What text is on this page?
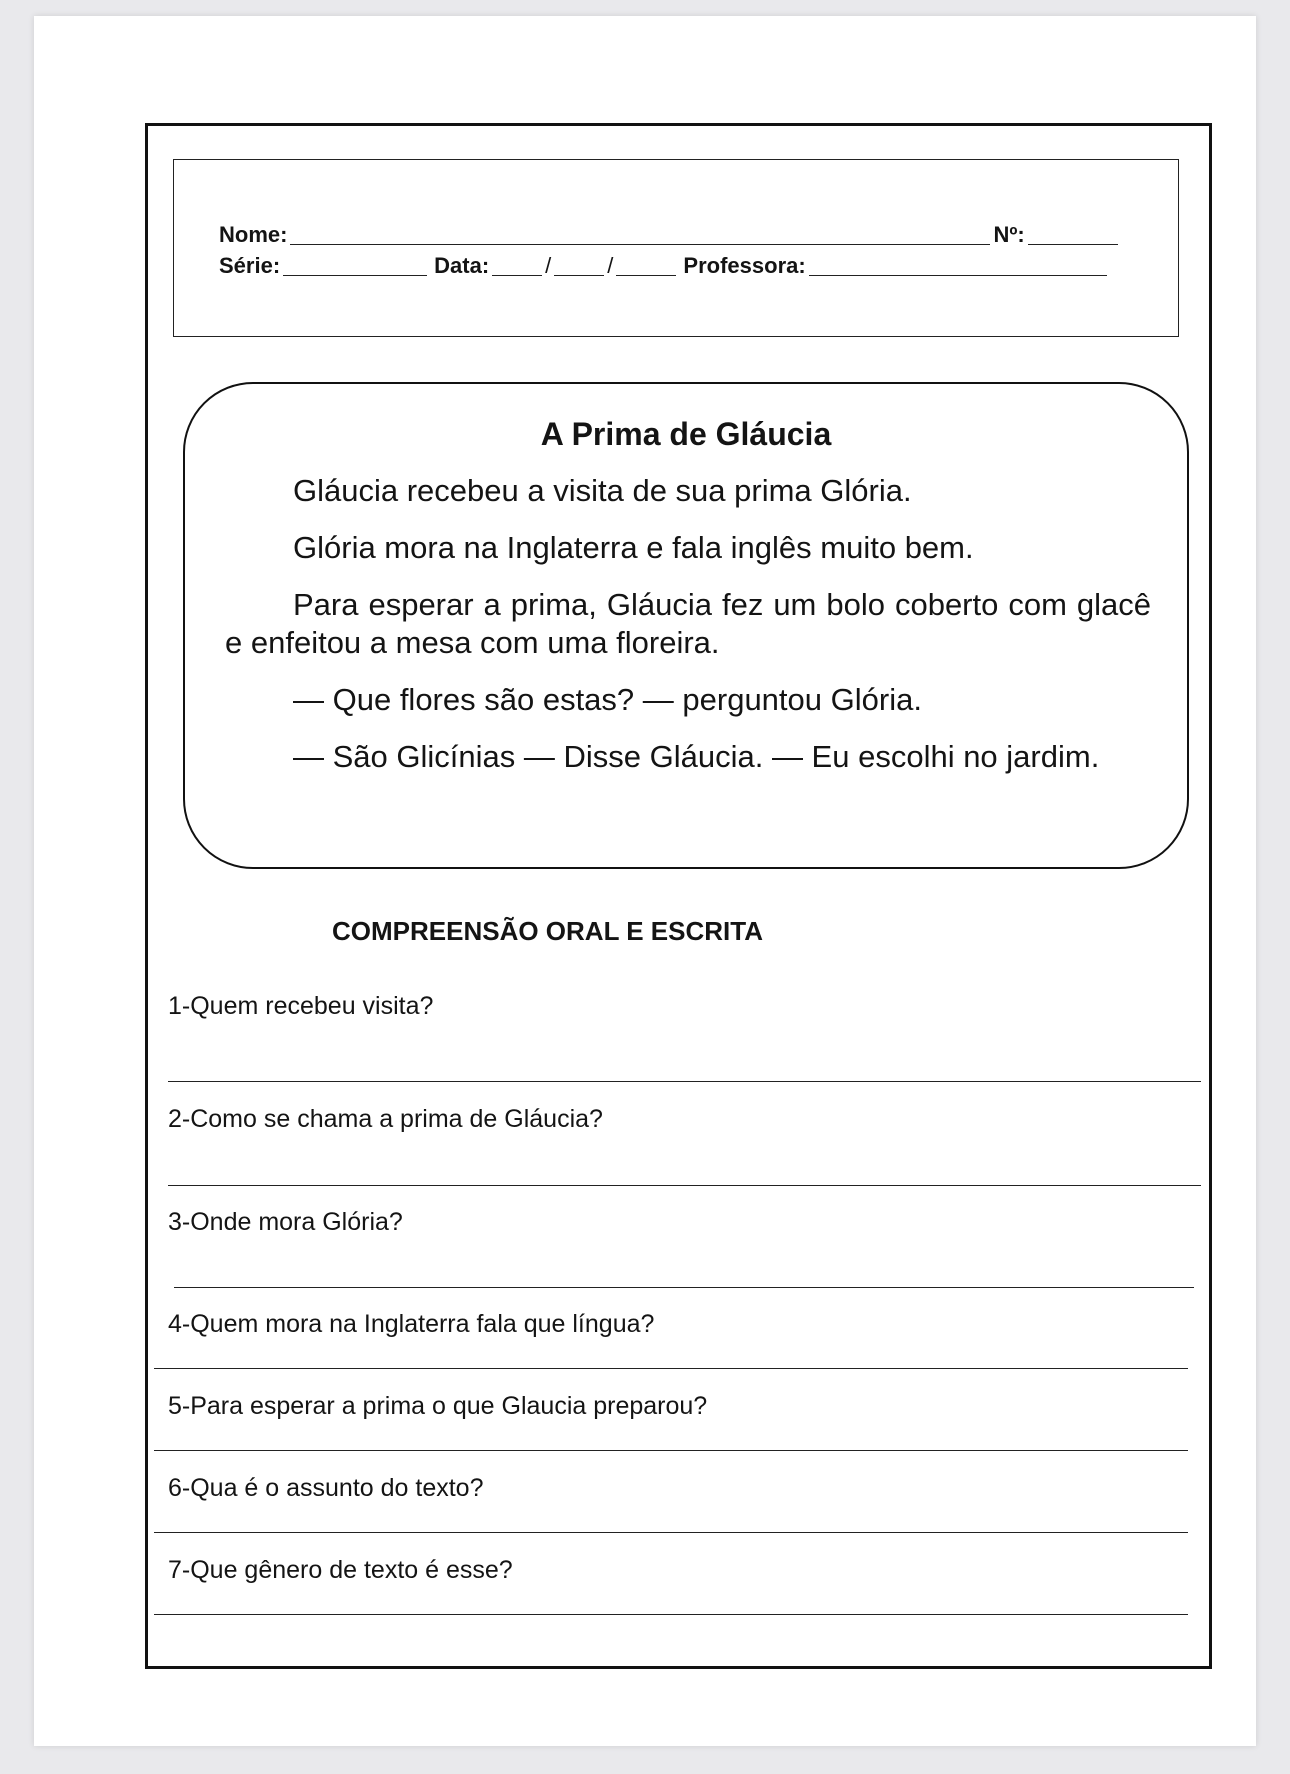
Nome:	Nº:
Série:	Data:	/	/	Professora:
A Prima de Gláucia

Gláucia recebeu a visita de sua prima Glória.

Glória mora na Inglaterra e fala inglês muito bem.

Para esperar a prima, Gláucia fez um bolo coberto com glacê e enfeitou a mesa com uma floreira.

— Que flores são estas? — perguntou Glória.

— São Glicínias — Disse Gláucia. — Eu escolhi no jardim.

COMPREENSÃO ORAL E ESCRITA
1-Quem recebeu visita?
2-Como se chama a prima de Gláucia?
3-Onde mora Glória?
4-Quem mora na Inglaterra fala que língua?
5-Para esperar a prima o que Glaucia preparou?
6-Qua é o assunto do texto?
7-Que gênero de texto é esse?
